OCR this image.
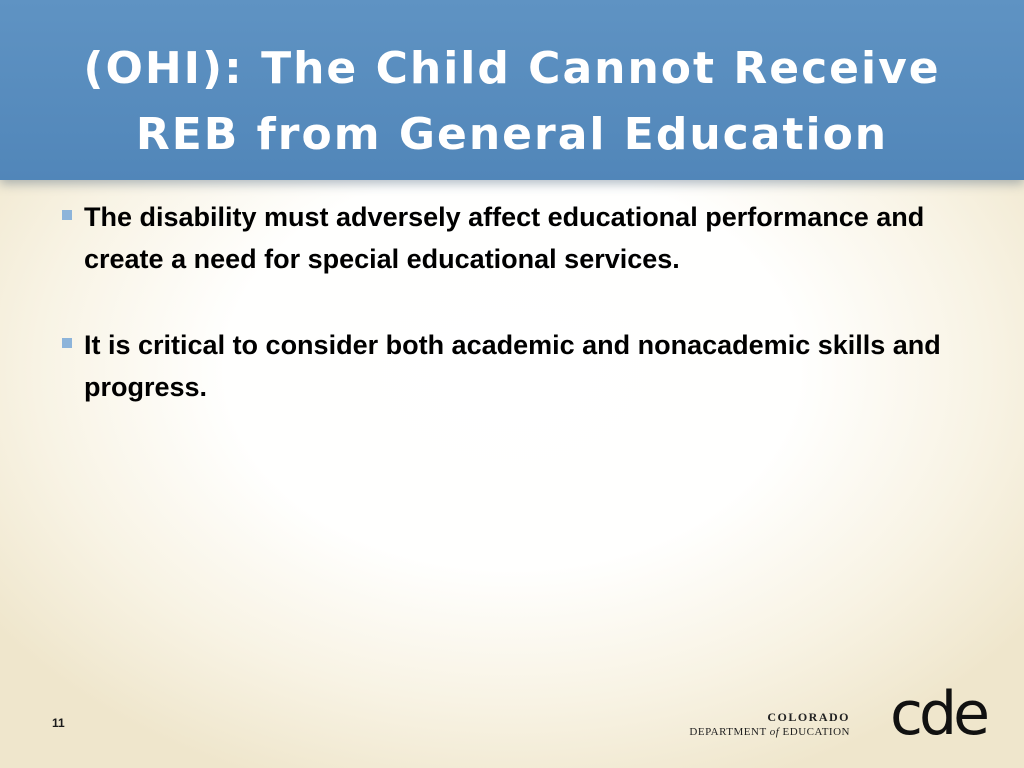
(OHI): The Child Cannot Receive
REB from General Education
The disability must adversely affect educational performance and create a need for special educational services.
It is critical to consider both academic and nonacademic skills and progress.
11	COLORADO
DEPARTMENT of EDUCATION cde
